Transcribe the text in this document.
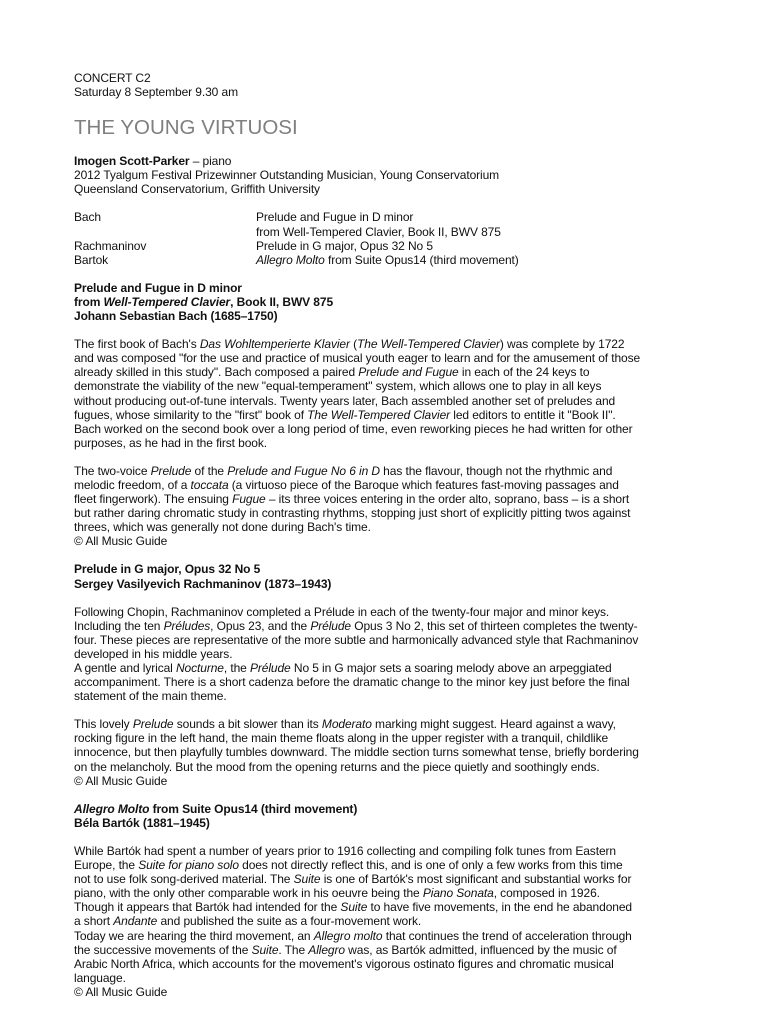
CONCERT C2
Saturday 8 September 9.30 am
THE YOUNG VIRTUOSI
Imogen Scott-Parker – piano
2012 Tyalgum Festival Prizewinner Outstanding Musician, Young Conservatorium
Queensland Conservatorium, Griffith University
Bach	Prelude and Fugue in D minor
from Well-Tempered Clavier, Book II, BWV 875
Rachmaninov	Prelude in G major, Opus 32 No 5
Bartok	Allegro Molto from Suite Opus14 (third movement)
Prelude and Fugue in D minor
from Well-Tempered Clavier, Book II, BWV 875
Johann Sebastian Bach (1685–1750)
The first book of Bach's Das Wohltemperierte Klavier (The Well-Tempered Clavier) was complete by 1722
and was composed "for the use and practice of musical youth eager to learn and for the amusement of those
already skilled in this study". Bach composed a paired Prelude and Fugue in each of the 24 keys to
demonstrate the viability of the new "equal-temperament" system, which allows one to play in all keys
without producing out-of-tune intervals. Twenty years later, Bach assembled another set of preludes and
fugues, whose similarity to the "first" book of The Well-Tempered Clavier led editors to entitle it "Book II".
Bach worked on the second book over a long period of time, even reworking pieces he had written for other
purposes, as he had in the first book.
The two-voice Prelude of the Prelude and Fugue No 6 in D has the flavour, though not the rhythmic and
melodic freedom, of a toccata (a virtuoso piece of the Baroque which features fast-moving passages and
fleet fingerwork). The ensuing Fugue – its three voices entering in the order alto, soprano, bass – is a short
but rather daring chromatic study in contrasting rhythms, stopping just short of explicitly pitting twos against
threes, which was generally not done during Bach's time.
© All Music Guide
Prelude in G major, Opus 32 No 5
Sergey Vasilyevich Rachmaninov (1873–1943)
Following Chopin, Rachmaninov completed a Prélude in each of the twenty-four major and minor keys.
Including the ten Préludes, Opus 23, and the Prélude Opus 3 No 2, this set of thirteen completes the twenty-
four. These pieces are representative of the more subtle and harmonically advanced style that Rachmaninov
developed in his middle years.
A gentle and lyrical Nocturne, the Prélude No 5 in G major sets a soaring melody above an arpeggiated
accompaniment. There is a short cadenza before the dramatic change to the minor key just before the final
statement of the main theme.
This lovely Prelude sounds a bit slower than its Moderato marking might suggest. Heard against a wavy,
rocking figure in the left hand, the main theme floats along in the upper register with a tranquil, childlike
innocence, but then playfully tumbles downward. The middle section turns somewhat tense, briefly bordering
on the melancholy. But the mood from the opening returns and the piece quietly and soothingly ends.
© All Music Guide
Allegro Molto from Suite Opus14 (third movement)
Béla Bartók (1881–1945)
While Bartók had spent a number of years prior to 1916 collecting and compiling folk tunes from Eastern
Europe, the Suite for piano solo does not directly reflect this, and is one of only a few works from this time
not to use folk song-derived material. The Suite is one of Bartók's most significant and substantial works for
piano, with the only other comparable work in his oeuvre being the Piano Sonata, composed in 1926.
Though it appears that Bartók had intended for the Suite to have five movements, in the end he abandoned
a short Andante and published the suite as a four-movement work.
Today we are hearing the third movement, an Allegro molto that continues the trend of acceleration through
the successive movements of the Suite. The Allegro was, as Bartók admitted, influenced by the music of
Arabic North Africa, which accounts for the movement's vigorous ostinato figures and chromatic musical
language.
© All Music Guide
